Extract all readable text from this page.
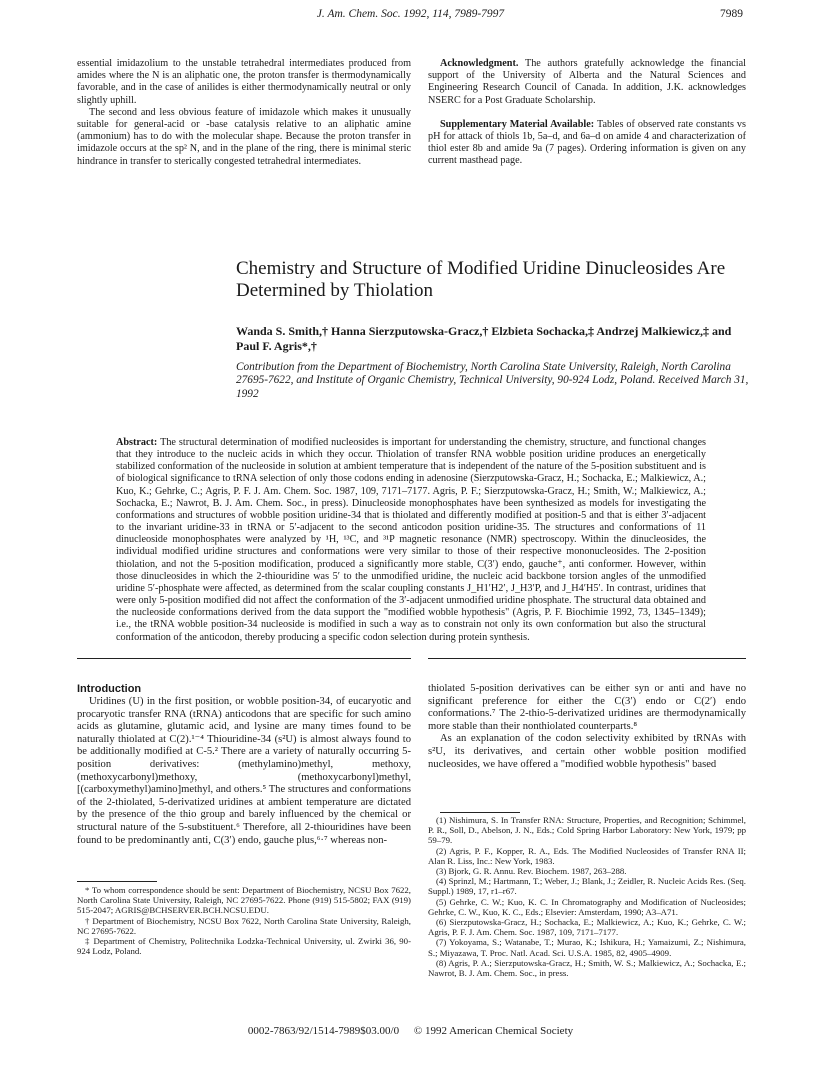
J. Am. Chem. Soc. 1992, 114, 7989-7997	7989

essential imidazolium to the unstable tetrahedral intermediates produced from amides where the N is an aliphatic one, the proton transfer is thermodynamically favorable, and in the case of anilides is either thermodynamically neutral or only slightly uphill.

The second and less obvious feature of imidazole which makes it unusually suitable for general-acid or -base catalysis relative to an aliphatic amine (ammonium) has to do with the molecular shape. Because the proton transfer in imidazole occurs at the sp² N, and in the plane of the ring, there is minimal steric hindrance in transfer to sterically congested tetrahedral intermediates.

Acknowledgment. The authors gratefully acknowledge the financial support of the University of Alberta and the Natural Sciences and Engineering Research Council of Canada. In addition, J.K. acknowledges NSERC for a Post Graduate Scholarship.

Supplementary Material Available: Tables of observed rate constants vs pH for attack of thiols 1b, 5a–d, and 6a–d on amide 4 and characterization of thiol ester 8b and amide 9a (7 pages). Ordering information is given on any current masthead page.

Chemistry and Structure of Modified Uridine Dinucleosides Are Determined by Thiolation
Wanda S. Smith,† Hanna Sierzputowska-Gracz,† Elzbieta Sochacka,‡ Andrzej Malkiewicz,‡ and Paul F. Agris*,†
Contribution from the Department of Biochemistry, North Carolina State University, Raleigh, North Carolina 27695-7622, and Institute of Organic Chemistry, Technical University, 90-924 Lodz, Poland. Received March 31, 1992

Abstract: The structural determination of modified nucleosides is important for understanding the chemistry, structure, and functional changes that they introduce to the nucleic acids in which they occur. Thiolation of transfer RNA wobble position uridine produces an energetically stabilized conformation of the nucleoside in solution at ambient temperature that is independent of the nature of the 5-position substituent and is of biological significance to tRNA selection of only those codons ending in adenosine (Sierzputowska-Gracz, H.; Sochacka, E.; Malkiewicz, A.; Kuo, K.; Gehrke, C.; Agris, P. F. J. Am. Chem. Soc. 1987, 109, 7171–7177. Agris, P. F.; Sierzputowska-Gracz, H.; Smith, W.; Malkiewicz, A.; Sochacka, E.; Nawrot, B. J. Am. Chem. Soc., in press). Dinucleoside monophosphates have been synthesized as models for investigating the conformations and structures of wobble position uridine-34 that is thiolated and differently modified at position-5 and that is either 3′-adjacent to the invariant uridine-33 in tRNA or 5′-adjacent to the second anticodon position uridine-35. The structures and conformations of 11 dinucleoside monophosphates were analyzed by ¹H, ¹³C, and ³¹P magnetic resonance (NMR) spectroscopy. Within the dinucleosides, the individual modified uridine structures and conformations were very similar to those of their respective mononucleosides. The 2-position thiolation, and not the 5-position modification, produced a significantly more stable, C(3′) endo, gauche⁺, anti conformer. However, within those dinucleosides in which the 2-thiouridine was 5′ to the unmodified uridine, the nucleic acid backbone torsion angles of the unmodified uridine 5′-phosphate were affected, as determined from the scalar coupling constants J_H1′H2′, J_H3′P, and J_H4′H5′. In contrast, uridines that were only 5-position modified did not affect the conformation of the 3′-adjacent unmodified uridine phosphate. The structural data obtained and the nucleoside conformations derived from the data support the "modified wobble hypothesis" (Agris, P. F. Biochimie 1992, 73, 1345–1349); i.e., the tRNA wobble position-34 nucleoside is modified in such a way as to constrain not only its own conformation but also the structural conformation of the anticodon, thereby producing a specific codon selection during protein synthesis.

Introduction

Uridines (U) in the first position, or wobble position-34, of eucaryotic and procaryotic transfer RNA (tRNA) anticodons that are specific for such amino acids as glutamine, glutamic acid, and lysine are many times found to be naturally thiolated at C(2).¹⁻⁴ Thiouridine-34 (s²U) is almost always found to be additionally modified at C-5.² There are a variety of naturally occurring 5-position derivatives: (methylamino)methyl, methoxy, (methoxycarbonyl)methoxy, (methoxycarbonyl)methyl, [(carboxymethyl)amino]methyl, and others.⁵ The structures and conformations of the 2-thiolated, 5-derivatized uridines at ambient temperature are dictated by the presence of the thio group and barely influenced by the chemical or structural nature of the 5-substituent.⁶ Therefore, all 2-thiouridines have been found to be predominantly anti, C(3′) endo, gauche plus,⁶·⁷ whereas non-

thiolated 5-position derivatives can be either syn or anti and have no significant preference for either the C(3′) endo or C(2′) endo conformations.⁷ The 2-thio-5-derivatized uridines are thermodynamically more stable than their nonthiolated counterparts.⁸

As an explanation of the codon selectivity exhibited by tRNAs with s²U, its derivatives, and certain other wobble position modified nucleosides, we have offered a "modified wobble hypothesis" based

* To whom correspondence should be sent: Department of Biochemistry, NCSU Box 7622, North Carolina State University, Raleigh, NC 27695-7622. Phone (919) 515-5802; FAX (919) 515-2047; AGRIS@BCHSERVER.BCH.NCSU.EDU.

† Department of Biochemistry, NCSU Box 7622, North Carolina State University, Raleigh, NC 27695-7622.

‡ Department of Chemistry, Politechnika Lodzka-Technical University, ul. Zwirki 36, 90-924 Lodz, Poland.

(1) Nishimura, S. In Transfer RNA: Structure, Properties, and Recognition; Schimmel, P. R., Soll, D., Abelson, J. N., Eds.; Cold Spring Harbor Laboratory: New York, 1979; pp 59–79.

(2) Agris, P. F., Kopper, R. A., Eds. The Modified Nucleosides of Transfer RNA II; Alan R. Liss, Inc.: New York, 1983.

(3) Bjork, G. R. Annu. Rev. Biochem. 1987, 263–288.

(4) Sprinzl, M.; Hartmann, T.; Weber, J.; Blank, J.; Zeidler, R. Nucleic Acids Res. (Seq. Suppl.) 1989, 17, r1–r67.

(5) Gehrke, C. W.; Kuo, K. C. In Chromatography and Modification of Nucleosides; Gehrke, C. W., Kuo, K. C., Eds.; Elsevier: Amsterdam, 1990; A3–A71.

(6) Sierzputowska-Gracz, H.; Sochacka, E.; Malkiewicz, A.; Kuo, K.; Gehrke, C. W.; Agris, P. F. J. Am. Chem. Soc. 1987, 109, 7171–7177.

(7) Yokoyama, S.; Watanabe, T.; Murao, K.; Ishikura, H.; Yamaizumi, Z.; Nishimura, S.; Miyazawa, T. Proc. Natl. Acad. Sci. U.S.A. 1985, 82, 4905–4909.

(8) Agris, P. A.; Sierzputowska-Gracz, H.; Smith, W. S.; Malkiewicz, A.; Sochacka, E.; Nawrot, B. J. Am. Chem. Soc., in press.

0002-7863/92/1514-7989$03.00/0 © 1992 American Chemical Society
